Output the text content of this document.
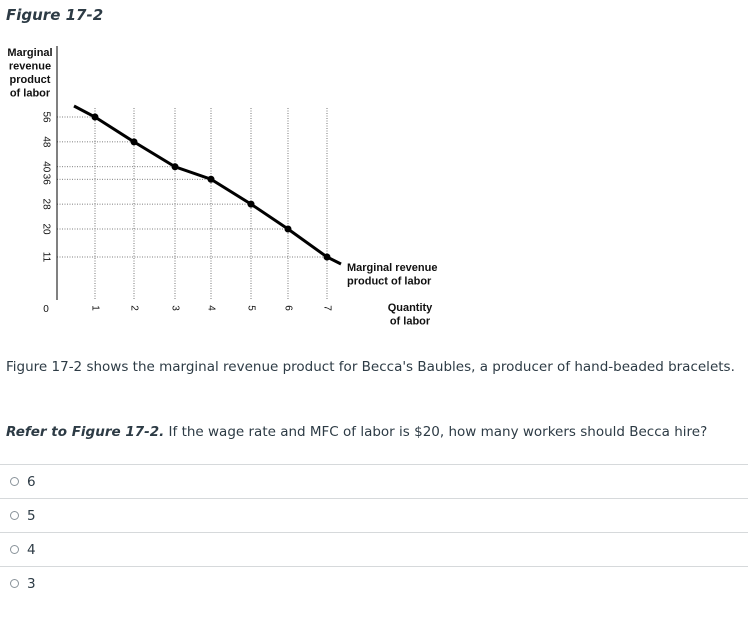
Figure 17-2
Marginal
revenue
product
of labor
56
48
40
36
28
20
11
1	2	3	4	5	6	7
0
Marginal revenue
product of labor
Quantity
of labor
Figure 17-2 shows the marginal revenue product for Becca's Baubles, a producer of hand-beaded bracelets.
Refer to Figure 17-2. If the wage rate and MFC of labor is $20, how many workers should Becca hire?
6
5
4
3
